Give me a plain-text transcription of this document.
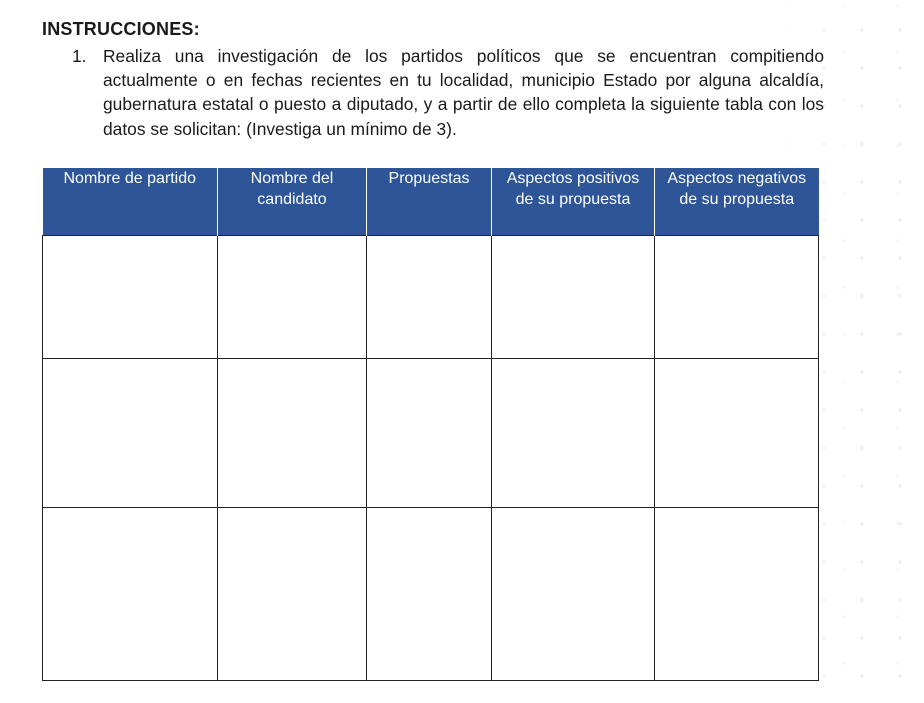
INSTRUCCIONES:
1. Realiza una investigación de los partidos políticos que se encuentran compitiendo actualmente o en fechas recientes en tu localidad, municipio Estado por alguna alcaldía, gubernatura estatal o puesto a diputado, y a partir de ello completa la siguiente tabla con los datos se solicitan: (Investiga un mínimo de 3).
Nombre de partido	Nombre del candidato	Propuestas	Aspectos positivos de su propuesta	Aspectos negativos de su propuesta
